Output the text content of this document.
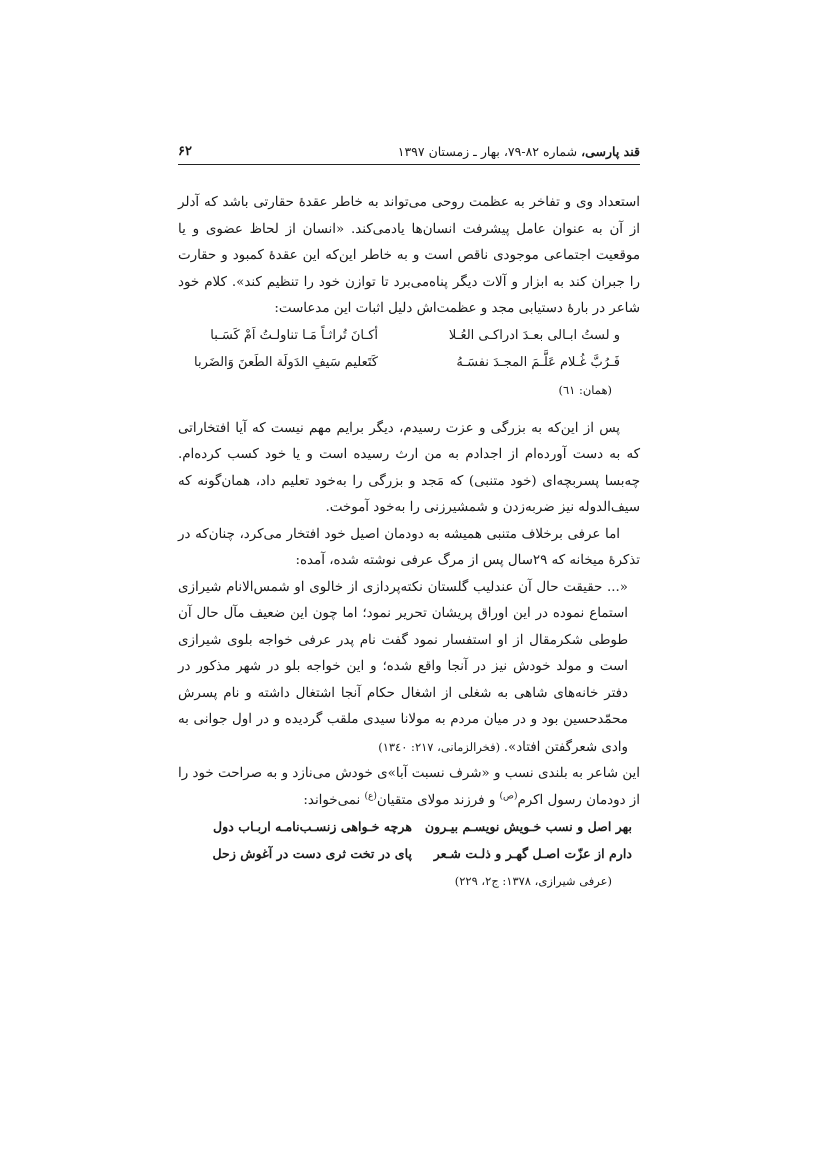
قند پارسی، شماره ۸۲-۷۹، بهار ـ زمستان ۱۳۹۷
۶۲

استعداد وی و تفاخر به عظمت روحی می‌تواند به خاطر عقدۀ حقارتی باشد که آدلر از آن به عنوان عامل پیشرفت انسان‌ها یادمی‌کند. «انسان از لحاظ عضوی و یا موقعیت اجتماعی موجودی ناقص است و به خاطر این‌که این عقدۀ کمبود و حقارت را جبران کند به ابزار و آلات دیگر پناه‌می‌برد تا توازن خود را تنظیم کند». کلام خود شاعر در بارۀ دستیابی مجد و عظمت‌اش دلیل اثبات این مدعاست:

و لستُ ابـالی بعـدَ ادراکـی العُـلا
أکـانَ تُراثـاً مَـا تناولـتُ اَمْ کَسَـبا
فَـرُبَّ غُـلام عَلَّـمَ المجـدَ نفسَـهُ
کَتَعلیم سَیفِ الدَولَة الطَعنَ وَالضَربا
(همان: ٦١)

پس از این‌که به بزرگی و عزت رسیدم، دیگر برایم مهم نیست که آیا افتخاراتی که به دست آورده‌ام از اجدادم به من ارث رسیده است و یا خود کسب کرده‌ام. چه‌بسا پسربچه‌ای (خود متنبی) که مَجد و بزرگی را به‌خود تعلیم داد، همان‌گونه که سیف‌الدوله نیز ضربه‌زدن و شمشیرزنی را به‌خود آموخت.

اما عرفی برخلاف متنبی همیشه به دودمان اصیل خود افتخار می‌کرد، چنان‌که در تذکرۀ میخانه که ۲۹سال پس از مرگ عرفی نوشته شده، آمده:

«... حقیقت حال آن عندلیب گلستان نکته‌پردازی از خالوی او شمس‌الانام شیرازی استماع نموده در این اوراق پریشان تحریر نمود؛ اما چون این ضعیف مآل حال آن طوطی شکرمقال از او استفسار نمود گفت نام پدر عرفی خواجه بلوی شیرازی است و مولد خودش نیز در آنجا واقع شده؛ و این خواجه بلو در شهر مذکور در دفتر خانه‌های شاهی به شغلی از اشغال حکام آنجا اشتغال داشته و نام پسرش محمّدحسین بود و در میان مردم به مولانا سیدی ملقب گردیده و در اول جوانی به وادی شعرگفتن افتاد». (فخرالزمانی، ۲۱۷: ۱۳٤٠)

این شاعر به بلندی نسب و «شرف نسبت آبا»ی خودش می‌نازد و به صراحت خود را از دودمان رسول اکرم$^{(ص)}$ و فرزند مولای متقیان$^{(ع)}$ نمی‌خواند:

بهر اصل و نسب خـویش نویسـم بیـرون
هرچه خـواهی زنسـب‌نامـه اربـاب دول
دارم از عزّت اصـل گهـر و ذلـت شـعر
پای در تخت ثری دست در آغوش زحل
(عرفی شیرازی، ۱۳۷۸: ج۲، ۲۲۹)
